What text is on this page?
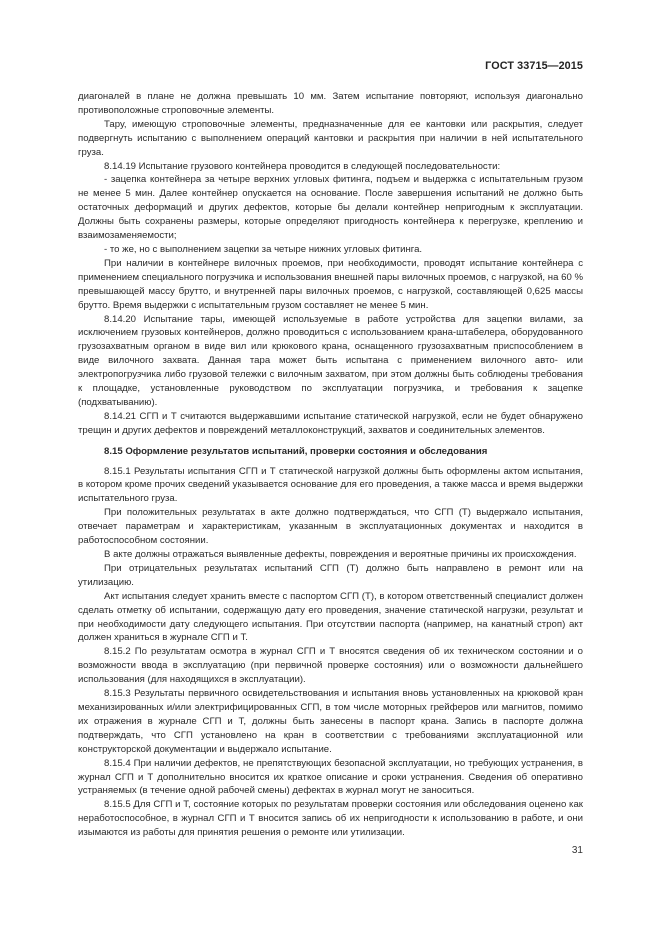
ГОСТ 33715—2015

диагоналей в плане не должна превышать 10 мм. Затем испытание повторяют, используя диагонально противоположные строповочные элементы.

Тару, имеющую строповочные элементы, предназначенные для ее кантовки или раскрытия, следует подвергнуть испытанию с выполнением операций кантовки и раскрытия при наличии в ней испытательного груза.

8.14.19 Испытание грузового контейнера проводится в следующей последовательности:

- зацепка контейнера за четыре верхних угловых фитинга, подъем и выдержка с испытательным грузом не менее 5 мин. Далее контейнер опускается на основание. После завершения испытаний не должно быть остаточных деформаций и других дефектов, которые бы делали контейнер непригодным к эксплуатации. Должны быть сохранены размеры, которые определяют пригодность контейнера к перегрузке, креплению и взаимозаменяемости;

- то же, но с выполнением зацепки за четыре нижних угловых фитинга.

При наличии в контейнере вилочных проемов, при необходимости, проводят испытание контейнера с применением специального погрузчика и использования внешней пары вилочных проемов, с нагрузкой, на 60 % превышающей массу брутто, и внутренней пары вилочных проемов, с нагрузкой, составляющей 0,625 массы брутто. Время выдержки с испытательным грузом составляет не менее 5 мин.

8.14.20 Испытание тары, имеющей используемые в работе устройства для зацепки вилами, за исключением грузовых контейнеров, должно проводиться с использованием крана-штабелера, оборудованного грузозахватным органом в виде вил или крюкового крана, оснащенного грузозахватным приспособлением в виде вилочного захвата. Данная тара может быть испытана с применением вилочного авто- или электропогрузчика либо грузовой тележки с вилочным захватом, при этом должны быть соблюдены требования к площадке, установленные руководством по эксплуатации погрузчика, и требования к зацепке (подхватыванию).

8.14.21 СГП и Т считаются выдержавшими испытание статической нагрузкой, если не будет обнаружено трещин и других дефектов и повреждений металлоконструкций, захватов и соединительных элементов.

8.15 Оформление результатов испытаний, проверки состояния и обследования

8.15.1 Результаты испытания СГП и Т статической нагрузкой должны быть оформлены актом испытания, в котором кроме прочих сведений указывается основание для его проведения, а также масса и время выдержки испытательного груза.

При положительных результатах в акте должно подтверждаться, что СГП (Т) выдержало испытания, отвечает параметрам и характеристикам, указанным в эксплуатационных документах и находится в работоспособном состоянии.

В акте должны отражаться выявленные дефекты, повреждения и вероятные причины их происхождения.

При отрицательных результатах испытаний СГП (Т) должно быть направлено в ремонт или на утилизацию.

Акт испытания следует хранить вместе с паспортом СГП (Т), в котором ответственный специалист должен сделать отметку об испытании, содержащую дату его проведения, значение статической нагрузки, результат и при необходимости дату следующего испытания. При отсутствии паспорта (например, на канатный строп) акт должен храниться в журнале СГП и Т.

8.15.2 По результатам осмотра в журнал СГП и Т вносятся сведения об их техническом состоянии и о возможности ввода в эксплуатацию (при первичной проверке состояния) или о возможности дальнейшего использования (для находящихся в эксплуатации).

8.15.3 Результаты первичного освидетельствования и испытания вновь установленных на крюковой кран механизированных и/или электрифицированных СГП, в том числе моторных грейферов или магнитов, помимо их отражения в журнале СГП и Т, должны быть занесены в паспорт крана. Запись в паспорте должна подтверждать, что СГП установлено на кран в соответствии с требованиями эксплуатационной или конструкторской документации и выдержало испытание.

8.15.4 При наличии дефектов, не препятствующих безопасной эксплуатации, но требующих устранения, в журнал СГП и Т дополнительно вносится их краткое описание и сроки устранения. Сведения об оперативно устраняемых (в течение одной рабочей смены) дефектах в журнал могут не заноситься.

8.15.5 Для СГП и Т, состояние которых по результатам проверки состояния или обследования оценено как неработоспособное, в журнал СГП и Т вносится запись об их непригодности к использованию в работе, и они изымаются из работы для принятия решения о ремонте или утилизации.

31
